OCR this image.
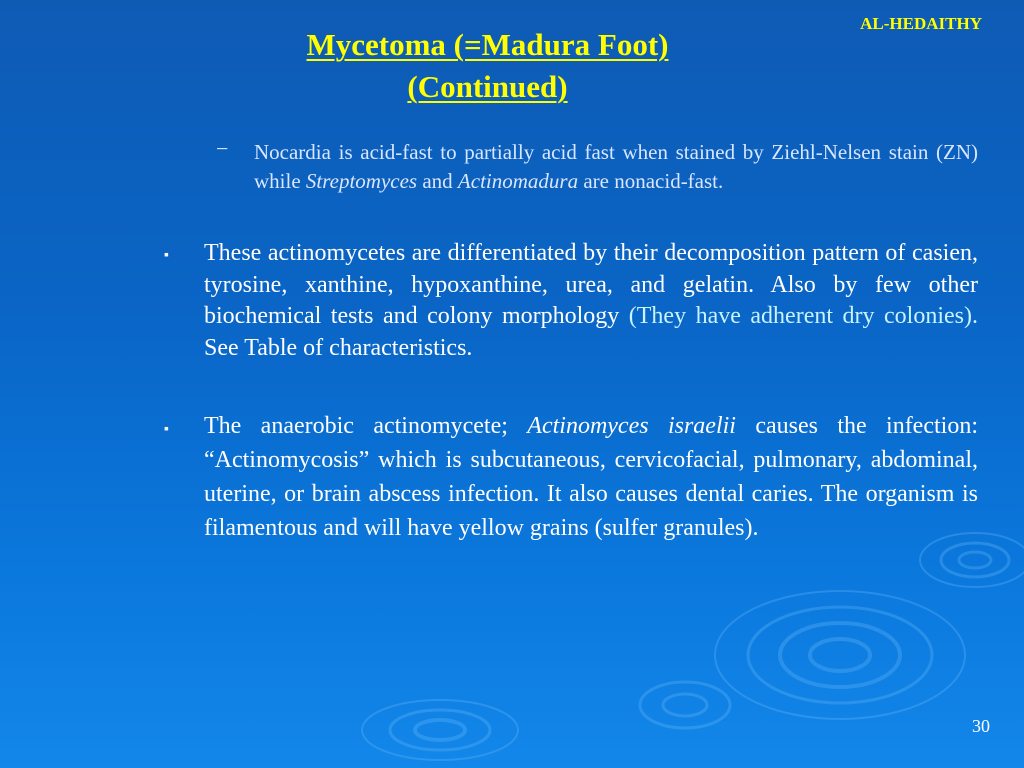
AL-HEDAITHY
Mycetoma (=Madura Foot)
(Continued)
− Nocardia is acid-fast to partially acid fast when stained by Ziehl-Nelsen stain (ZN) while Streptomyces and Actinomadura are nonacid-fast.
▪ These actinomycetes are differentiated by their decomposition pattern of casien, tyrosine, xanthine, hypoxanthine, urea, and gelatin. Also by few other biochemical tests and colony morphology (They have adherent dry colonies). See Table of characteristics.
▪ The anaerobic actinomycete; Actinomyces israelii causes the infection: “Actinomycosis” which is subcutaneous, cervicofacial, pulmonary, abdominal, uterine, or brain abscess infection. It also causes dental caries. The organism is filamentous and will have yellow grains (sulfer granules).
30
